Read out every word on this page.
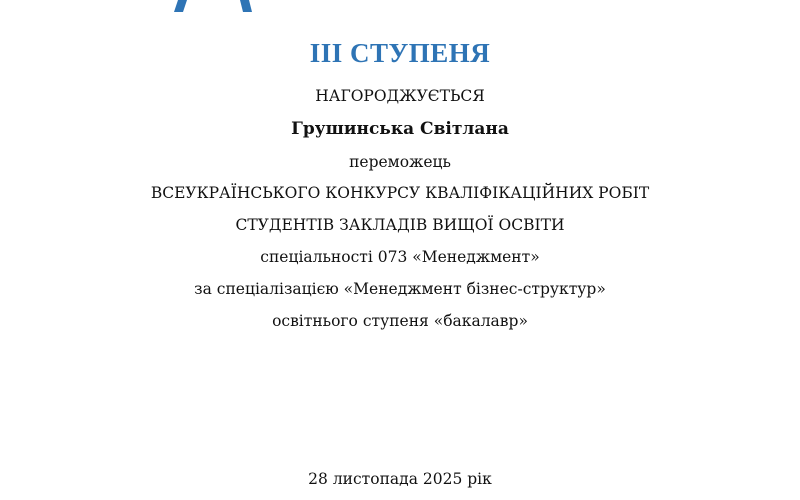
III СТУПЕНЯ
НАГОРОДЖУЄТЬСЯ
Грушинська Світлана
переможець
ВСЕУКРАЇНСЬКОГО КОНКУРСУ КВАЛІФІКАЦІЙНИХ РОБІТ
СТУДЕНТІВ ЗАКЛАДІВ ВИЩОЇ ОСВІТИ
спеціальності 073 «Менеджмент»
за спеціалізацією «Менеджмент бізнес-структур»
освітнього ступеня «бакалавр»
28 листопада 2025 рік
